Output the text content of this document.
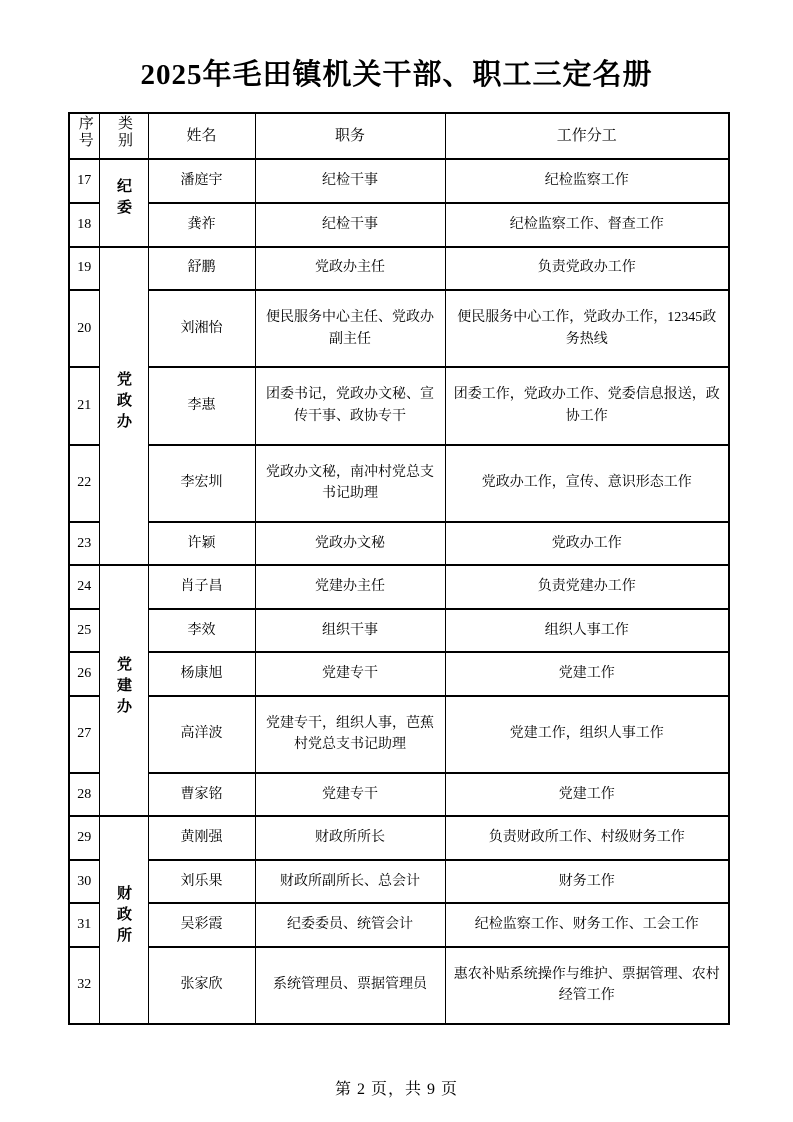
2025年毛田镇机关干部、职工三定名册
序号	类别	姓名	职务	工作分工
17	纪委	潘庭宇	纪检干事	纪检监察工作
18		龚祚	纪检干事	纪检监察工作、督查工作
19	党政办	舒鹏	党政办主任	负责党政办工作
20		刘湘怡	便民服务中心主任、党政办副主任	便民服务中心工作，党政办工作，12345政务热线
21		李惠	团委书记，党政办文秘、宣传干事、政协专干	团委工作，党政办工作、党委信息报送，政协工作
22		李宏圳	党政办文秘，南冲村党总支书记助理	党政办工作，宣传、意识形态工作
23		许颖	党政办文秘	党政办工作
24	党建办	肖子昌	党建办主任	负责党建办工作
25		李效	组织干事	组织人事工作
26		杨康旭	党建专干	党建工作
27		高洋波	党建专干，组织人事，芭蕉村党总支书记助理	党建工作，组织人事工作
28		曹家铭	党建专干	党建工作
29	财政所	黄刚强	财政所所长	负责财政所工作、村级财务工作
30		刘乐果	财政所副所长、总会计	财务工作
31		吴彩霞	纪委委员、统管会计	纪检监察工作、财务工作、工会工作
32		张家欣	系统管理员、票据管理员	惠农补贴系统操作与维护、票据管理、农村经管工作
第 2 页，共 9 页
